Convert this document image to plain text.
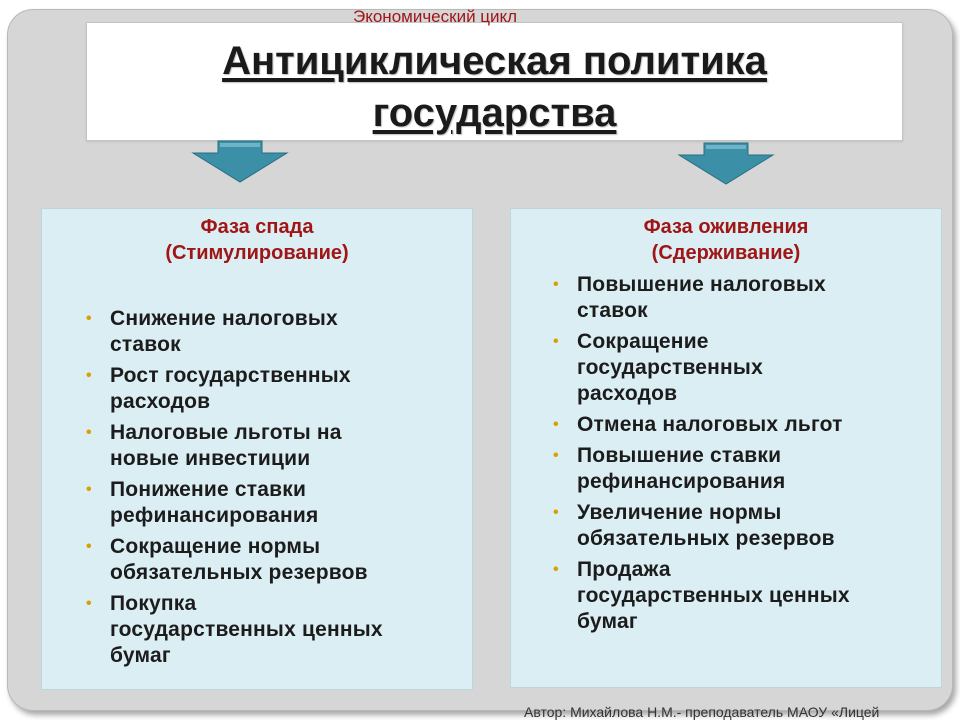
Антициклическая политика
государства
Экономический цикл
Фаза спада
(Стимулирование)
• Снижение налоговых
ставок
• Рост государственных
расходов
• Налоговые льготы на
новые инвестиции
• Понижение ставки
рефинансирования
• Сокращение нормы
обязательных резервов
• Покупка
государственных ценных
бумаг
Фаза оживления
(Сдерживание)
• Повышение налоговых
ставок
• Сокращение
государственных
расходов
• Отмена налоговых льгот
• Повышение ставки
рефинансирования
• Увеличение нормы
обязательных резервов
• Продажа
государственных ценных
бумаг
Автор: Михайлова Н.М.- преподаватель МАОУ «Лицей
